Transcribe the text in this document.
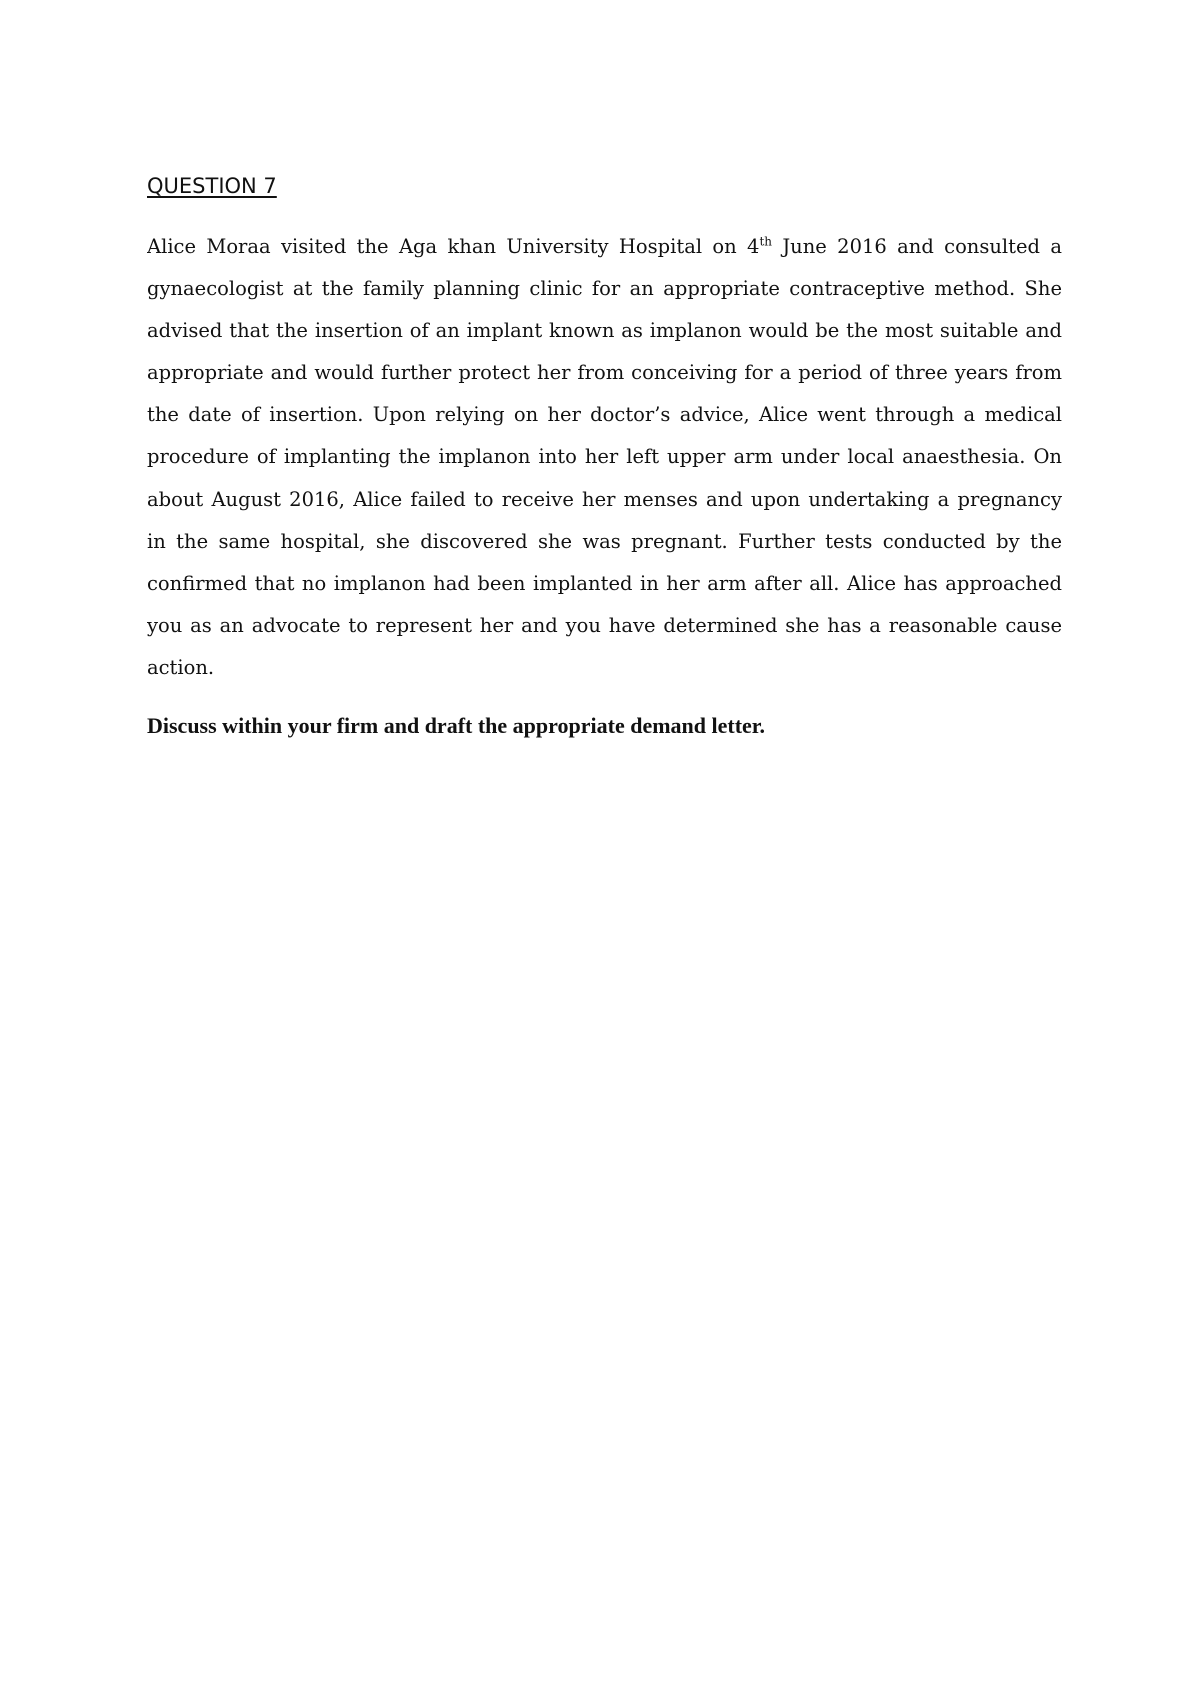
QUESTION 7
Alice Moraa visited the Aga khan University Hospital on 4th June 2016 and consulted a
gynaecologist at the family planning clinic for an appropriate contraceptive method. She
advised that the insertion of an implant known as implanon would be the most suitable and
appropriate and would further protect her from conceiving for a period of three years from
the date of insertion. Upon relying on her doctor’s advice, Alice went through a medical
procedure of implanting the implanon into her left upper arm under local anaesthesia. On
about August 2016, Alice failed to receive her menses and upon undertaking a pregnancy
in the same hospital, she discovered she was pregnant. Further tests conducted by the
confirmed that no implanon had been implanted in her arm after all. Alice has approached
you as an advocate to represent her and you have determined she has a reasonable cause
action.
Discuss within your firm and draft the appropriate demand letter.
